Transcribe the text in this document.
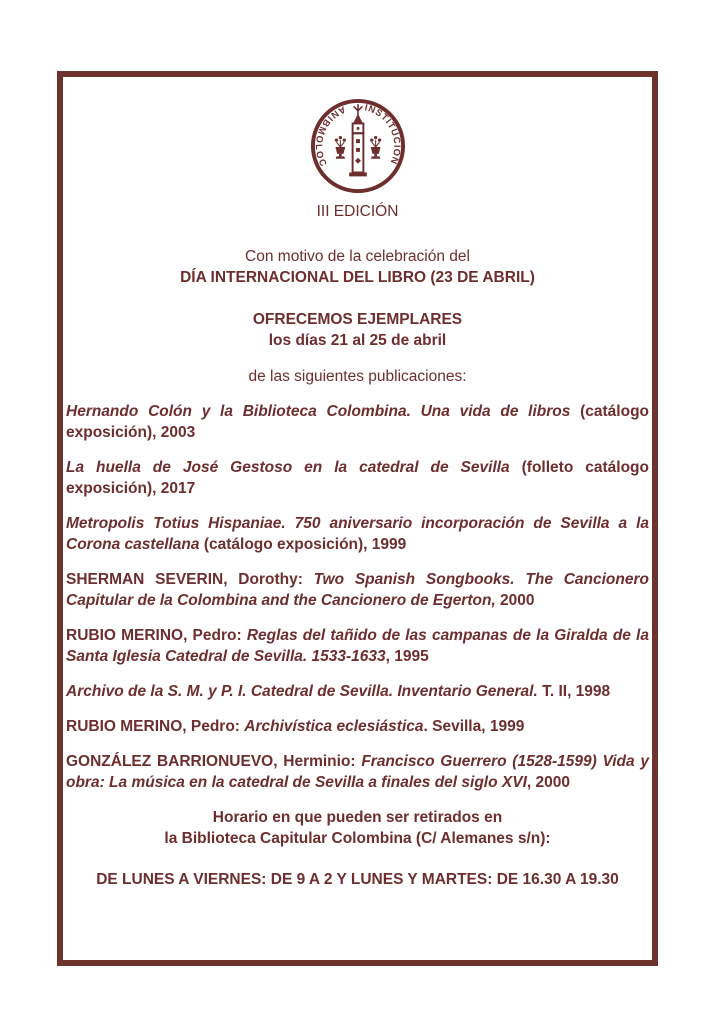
ANIBMOLOC
INSTITUCION
III EDICIÓN
Con motivo de la celebración del
DÍA INTERNACIONAL DEL LIBRO (23 DE ABRIL)
OFRECEMOS EJEMPLARES
los días 21 al 25 de abril
de las siguientes publicaciones:

Hernando Colón y la Biblioteca Colombina. Una vida de libros (catálogo exposición), 2003

La huella de José Gestoso en la catedral de Sevilla (folleto catálogo exposición), 2017

Metropolis Totius Hispaniae. 750 aniversario incorporación de Sevilla a la Corona castellana (catálogo exposición), 1999

SHERMAN SEVERIN, Dorothy: Two Spanish Songbooks. The Cancionero Capitular de la Colombina and the Cancionero de Egerton, 2000

RUBIO MERINO, Pedro: Reglas del tañido de las campanas de la Giralda de la Santa Iglesia Catedral de Sevilla. 1533-1633, 1995

Archivo de la S. M. y P. I. Catedral de Sevilla. Inventario General. T. II, 1998

RUBIO MERINO, Pedro: Archivística eclesiástica. Sevilla, 1999

GONZÁLEZ BARRIONUEVO, Herminio: Francisco Guerrero (1528-1599) Vida y obra: La música en la catedral de Sevilla a finales del siglo XVI, 2000

Horario en que pueden ser retirados en
la Biblioteca Capitular Colombina (C/ Alemanes s/n):
DE LUNES A VIERNES: DE 9 A 2 Y LUNES Y MARTES: DE 16.30 A 19.30
